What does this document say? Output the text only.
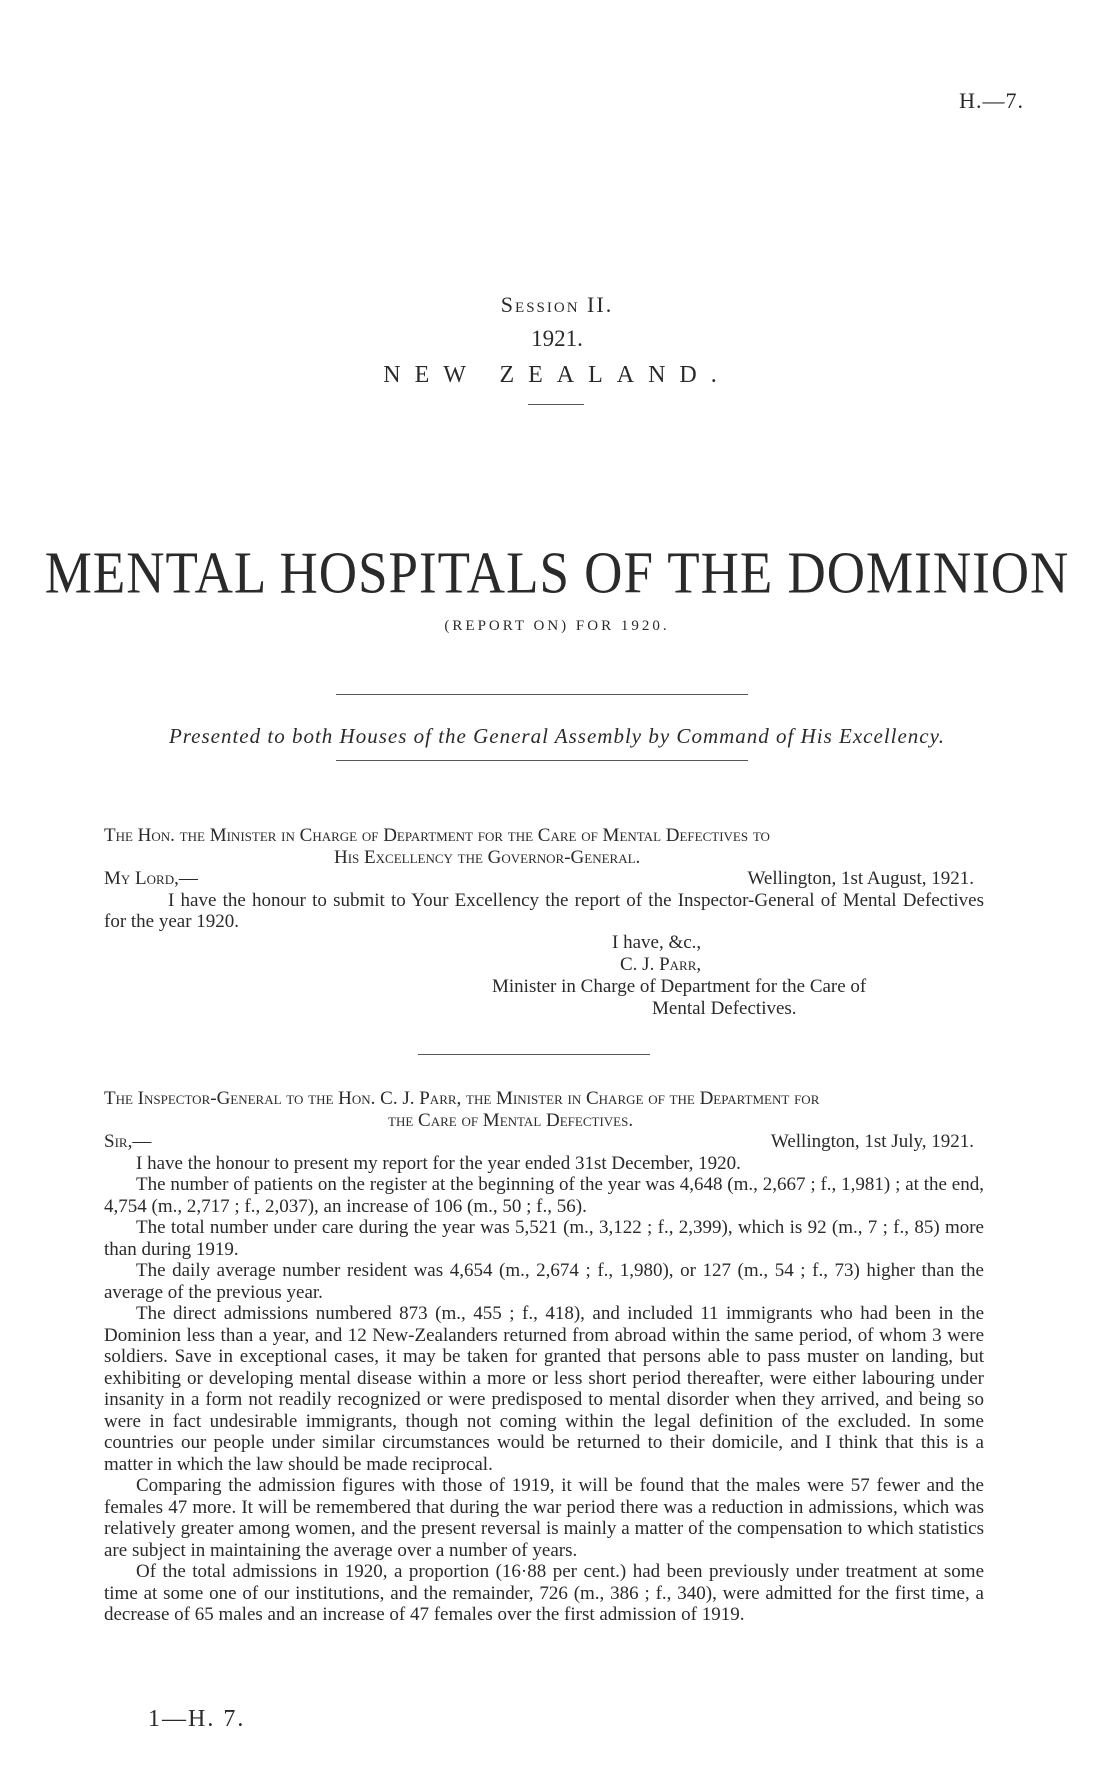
H.—7.
Session II.
1921.
NEW ZEALAND.
MENTAL HOSPITALS OF THE DOMINION
(REPORT ON) FOR 1920.
Presented to both Houses of the General Assembly by Command of His Excellency.
The Hon. the Minister in Charge of Department for the Care of Mental Defectives to
His Excellency the Governor-General.
My Lord,—	Wellington, 1st August, 1921.

I have the honour to submit to Your Excellency the report of the Inspector-General of Mental Defectives for the year 1920.

I have, &c.,
C. J. Parr,
Minister in Charge of Department for the Care of
Mental Defectives.
The Inspector-General to the Hon. C. J. Parr, the Minister in Charge of the Department for
the Care of Mental Defectives.
Sir,—	Wellington, 1st July, 1921.

I have the honour to present my report for the year ended 31st December, 1920.

The number of patients on the register at the beginning of the year was 4,648 (m., 2,667 ; f., 1,981) ; at the end, 4,754 (m., 2,717 ; f., 2,037), an increase of 106 (m., 50 ; f., 56).

The total number under care during the year was 5,521 (m., 3,122 ; f., 2,399), which is 92 (m., 7 ; f., 85) more than during 1919.

The daily average number resident was 4,654 (m., 2,674 ; f., 1,980), or 127 (m., 54 ; f., 73) higher than the average of the previous year.

The direct admissions numbered 873 (m., 455 ; f., 418), and included 11 immigrants who had been in the Dominion less than a year, and 12 New-Zealanders returned from abroad within the same period, of whom 3 were soldiers. Save in exceptional cases, it may be taken for granted that persons able to pass muster on landing, but exhibiting or developing mental disease within a more or less short period thereafter, were either labouring under insanity in a form not readily recognized or were predisposed to mental disorder when they arrived, and being so were in fact undesirable immigrants, though not coming within the legal definition of the excluded. In some countries our people under similar circumstances would be returned to their domicile, and I think that this is a matter in which the law should be made reciprocal.

Comparing the admission figures with those of 1919, it will be found that the males were 57 fewer and the females 47 more. It will be remembered that during the war period there was a reduction in admissions, which was relatively greater among women, and the present reversal is mainly a matter of the compensation to which statistics are subject in maintaining the average over a number of years.

Of the total admissions in 1920, a proportion (16·88 per cent.) had been previously under treatment at some time at some one of our institutions, and the remainder, 726 (m., 386 ; f., 340), were admitted for the first time, a decrease of 65 males and an increase of 47 females over the first admission of 1919.

1—H. 7.
